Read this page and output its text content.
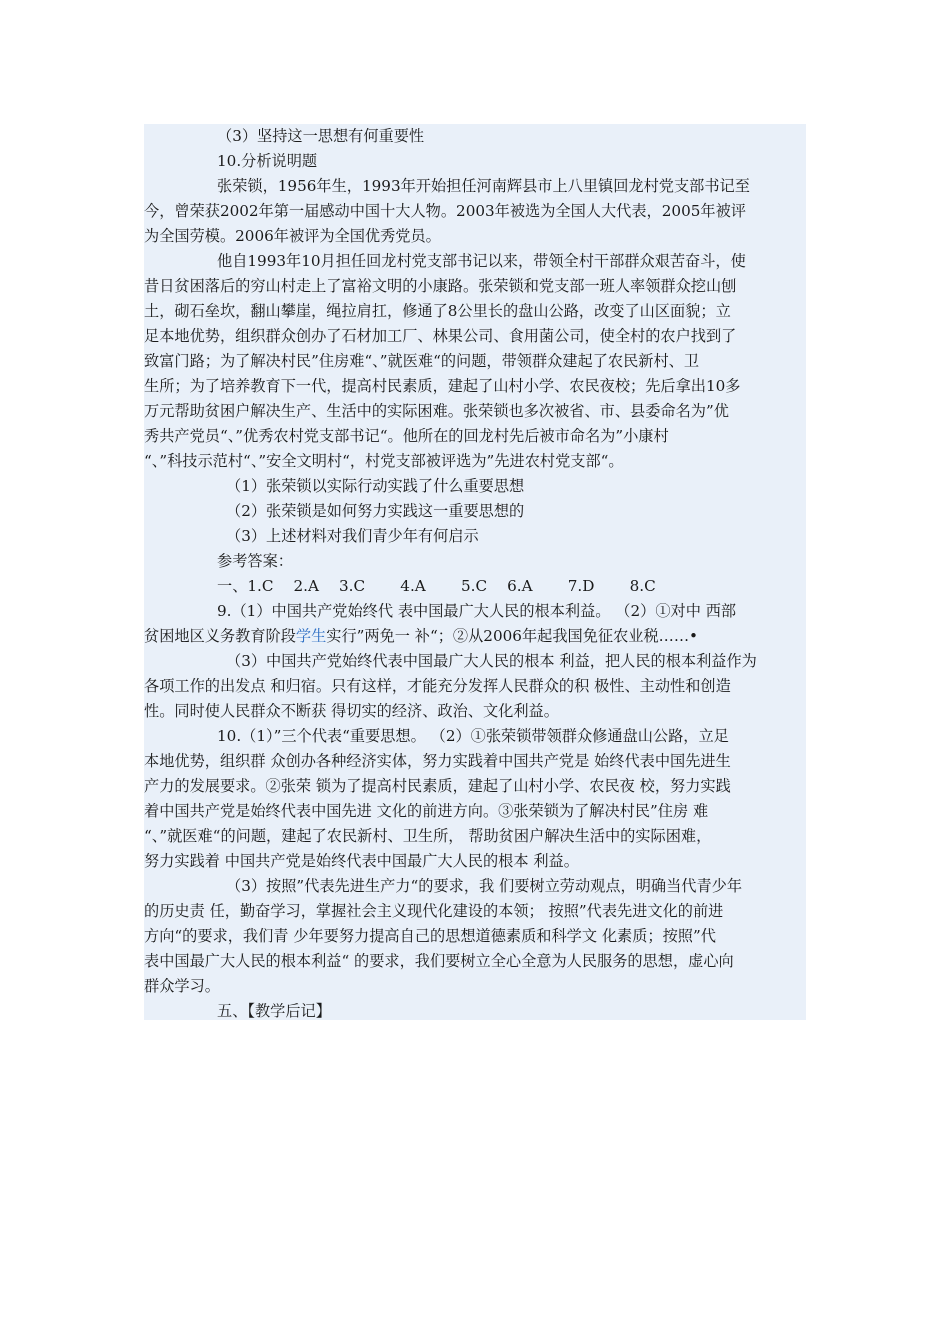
（3）坚持这一思想有何重要性
10.分析说明题
张荣锁，1956年生，1993年开始担任河南辉县市上八里镇回龙村党支部书记至
今，曾荣获2002年第一届感动中国十大人物。2003年被选为全国人大代表，2005年被评
为全国劳模。2006年被评为全国优秀党员。
他自1993年10月担任回龙村党支部书记以来，带领全村干部群众艰苦奋斗，使
昔日贫困落后的穷山村走上了富裕文明的小康路。张荣锁和党支部一班人率领群众挖山刨
土，砌石垒坎，翻山攀崖，绳拉肩扛，修通了8公里长的盘山公路，改变了山区面貌；立
足本地优势，组织群众创办了石材加工厂、林果公司、食用菌公司，使全村的农户找到了
致富门路；为了解决村民”住房难“、”就医难“的问题，带领群众建起了农民新村、卫
生所；为了培养教育下一代，提高村民素质，建起了山村小学、农民夜校；先后拿出10多
万元帮助贫困户解决生产、生活中的实际困难。张荣锁也多次被省、市、县委命名为”优
秀共产党员“、”优秀农村党支部书记“。他所在的回龙村先后被市命名为”小康村
“、”科技示范村“、”安全文明村“，村党支部被评选为”先进农村党支部“。
（1）张荣锁以实际行动实践了什么重要思想
（2）张荣锁是如何努力实践这一重要思想的
（3）上述材料对我们青少年有何启示
参考答案：
一、1.C　 2.A　 3.C　　 4.A　　 5.C　 6.A　　 7.D　　 8.C
9.（1）中国共产党始终代 表中国最广大人民的根本利益。 （2）①对中 西部
贫困地区义务教育阶段学生实行”两免一 补“；②从2006年起我国免征农业税……•
（3）中国共产党始终代表中国最广大人民的根本 利益，把人民的根本利益作为
各项工作的出发点 和归宿。只有这样，才能充分发挥人民群众的积 极性、主动性和创造
性。同时使人民群众不断获 得切实的经济、政治、文化利益。
10.（1）”三个代表“重要思想。 （2）①张荣锁带领群众修通盘山公路，立足
本地优势，组织群 众创办各种经济实体，努力实践着中国共产党是 始终代表中国先进生
产力的发展要求。②张荣 锁为了提高村民素质，建起了山村小学、农民夜 校，努力实践
着中国共产党是始终代表中国先进 文化的前进方向。③张荣锁为了解决村民”住房 难
“、”就医难“的问题，建起了农民新村、卫生所， 帮助贫困户解决生活中的实际困难，
努力实践着 中国共产党是始终代表中国最广大人民的根本 利益。
（3）按照”代表先进生产力“的要求，我 们要树立劳动观点，明确当代青少年
的历史责 任，勤奋学习，掌握社会主义现代化建设的本领； 按照”代表先进文化的前进
方向“的要求，我们青 少年要努力提高自己的思想道德素质和科学文 化素质；按照”代
表中国最广大人民的根本利益“ 的要求，我们要树立全心全意为人民服务的思想，虚心向
群众学习。
五、【教学后记】
